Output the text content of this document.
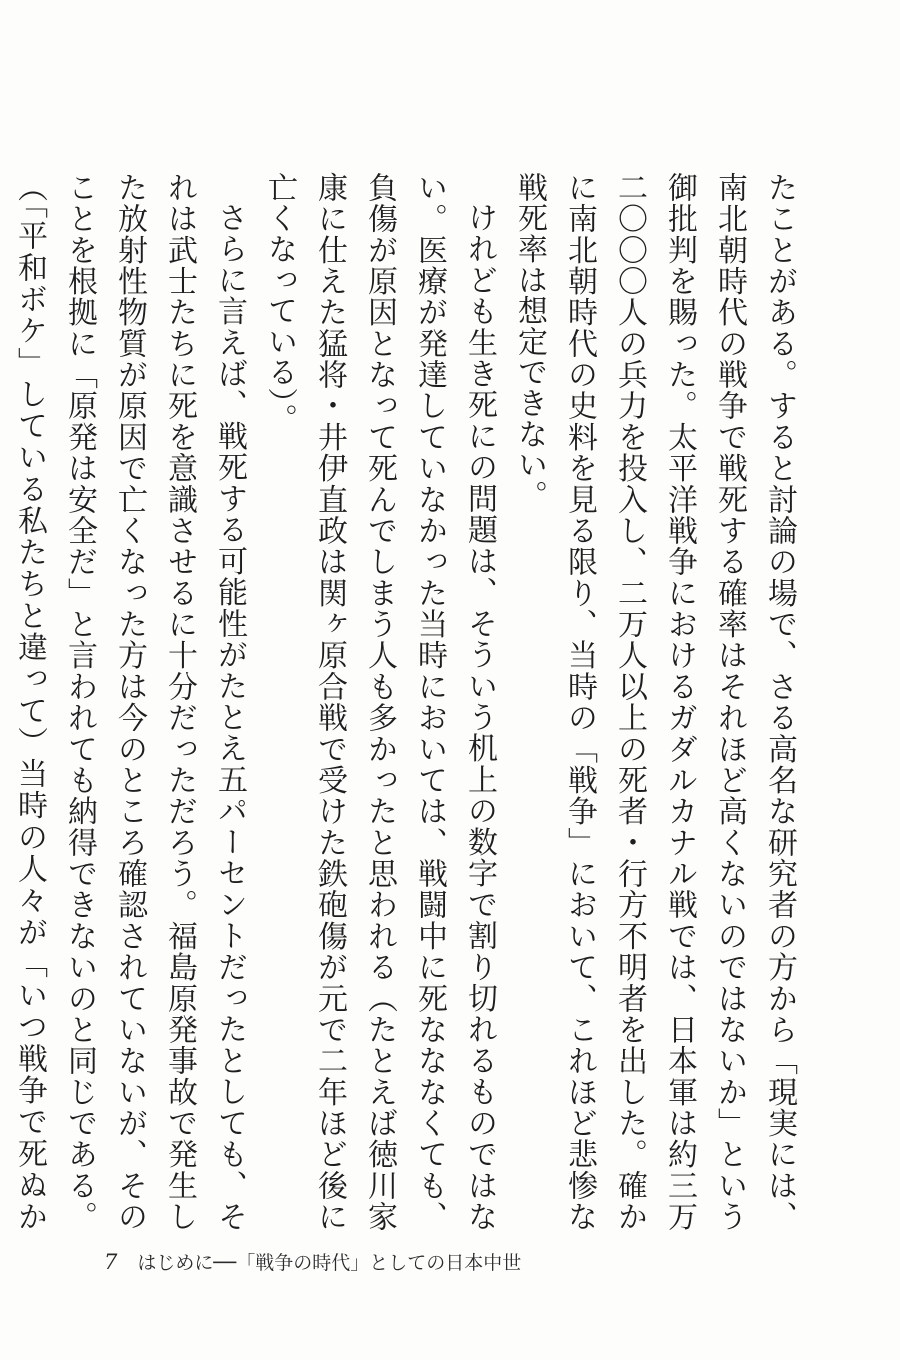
たことがある。すると討論の場で、さる高名な研究者の方から「現実には、南北朝時代の戦争で戦死する確率はそれほど高くないのではないか」という御批判を賜った。太平洋戦争におけるガダルカナル戦では、日本軍は約三万二〇〇〇人の兵力を投入し、二万人以上の死者・行方不明者を出した。確かに南北朝時代の史料を見る限り、当時の「戦争」において、これほど悲惨な戦死率は想定できない。

けれども生き死にの問題は、そういう机上の数字で割り切れるものではない。医療が発達していなかった当時においては、戦闘中に死なななくても、負傷が原因となって死んでしまう人も多かったと思われる（たとえば徳川家康に仕えた猛将・井伊直政は関ヶ原合戦で受けた鉄砲傷が元で二年ほど後に亡くなっている）。

さらに言えば、戦死する可能性がたとえ五パーセントだったとしても、それは武士たちに死を意識させるに十分だっただろう。福島原発事故で発生した放射性物質が原因で亡くなった方は今のところ確認されていないが、そのことを根拠に「原発は安全だ」と言われても納得できないのと同じである。（「平和ボケ」している私たちと違って）当時の人々が「いつ戦争で死ぬか

7 はじめに──「戦争の時代」としての日本中世
